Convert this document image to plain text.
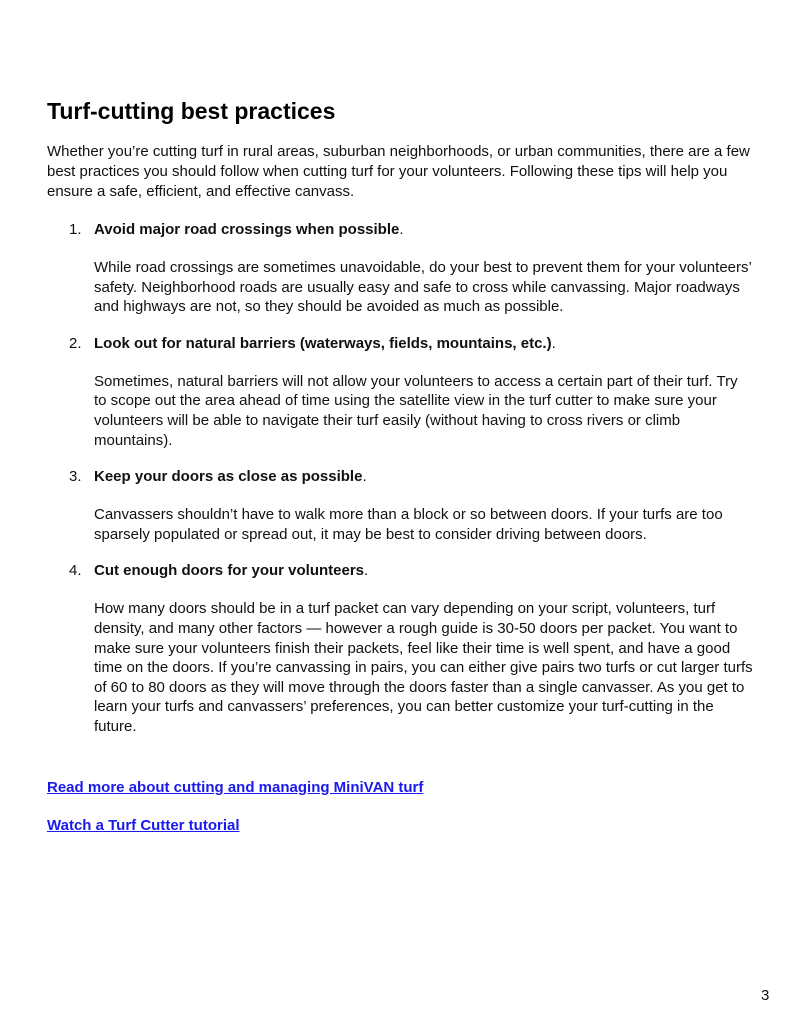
Turf-cutting best practices

Whether you’re cutting turf in rural areas, suburban neighborhoods, or urban communities, there are a few best practices you should follow when cutting turf for your volunteers. Following these tips will help you ensure a safe, efficient, and effective canvass.

1. Avoid major road crossings when possible.

While road crossings are sometimes unavoidable, do your best to prevent them for your volunteers’ safety. Neighborhood roads are usually easy and safe to cross while canvassing. Major roadways and highways are not, so they should be avoided as much as possible.

2. Look out for natural barriers (waterways, fields, mountains, etc.).

Sometimes, natural barriers will not allow your volunteers to access a certain part of their turf. Try to scope out the area ahead of time using the satellite view in the turf cutter to make sure your volunteers will be able to navigate their turf easily (without having to cross rivers or climb mountains).

3. Keep your doors as close as possible.

Canvassers shouldn’t have to walk more than a block or so between doors. If your turfs are too sparsely populated or spread out, it may be best to consider driving between doors.

4. Cut enough doors for your volunteers.

How many doors should be in a turf packet can vary depending on your script, volunteers, turf density, and many other factors — however a rough guide is 30-50 doors per packet. You want to make sure your volunteers finish their packets, feel like their time is well spent, and have a good time on the doors. If you’re canvassing in pairs, you can either give pairs two turfs or cut larger turfs of 60 to 80 doors as they will move through the doors faster than a single canvasser. As you get to learn your turfs and canvassers’ preferences, you can better customize your turf-cutting in the future.

Read more about cutting and managing MiniVAN turf
Watch a Turf Cutter tutorial
3
